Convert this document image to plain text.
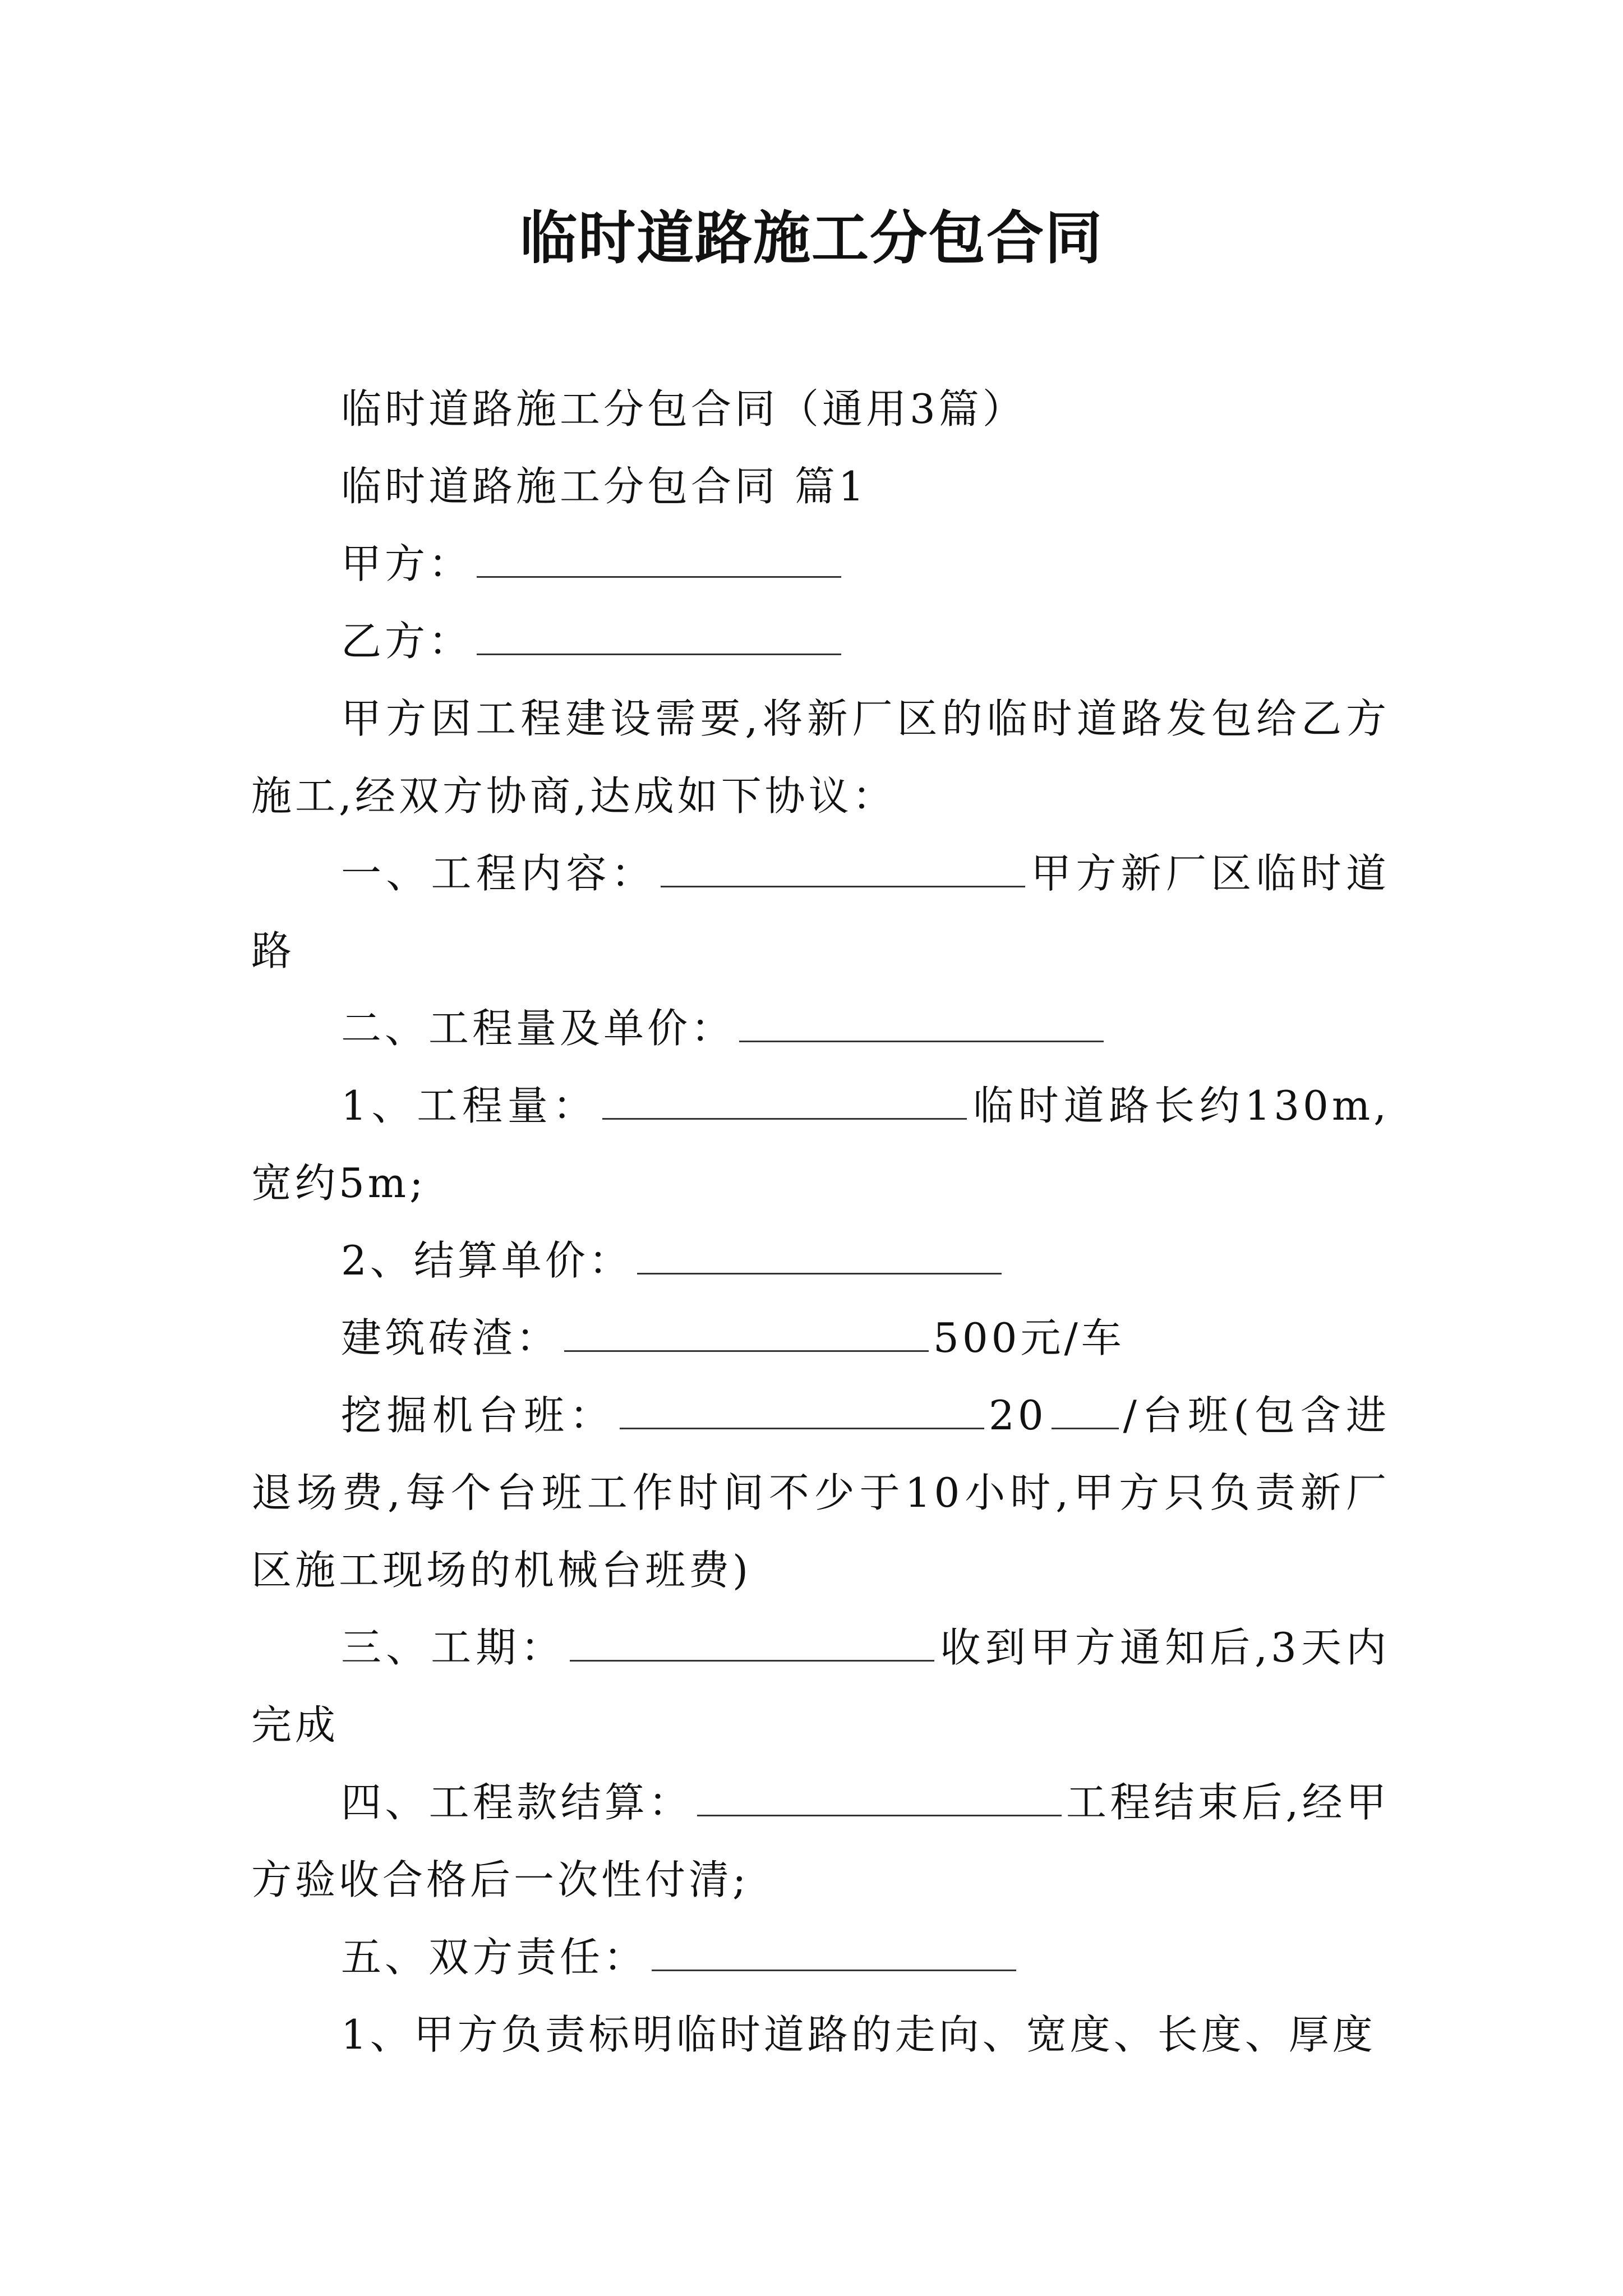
临时道路施工分包合同

临时道路施工分包合同（通用3篇）

临时道路施工分包合同 篇1

甲方：

乙方：

甲方因工程建设需要,将新厂区的临时道路发包给乙方施工,经双方协商,达成如下协议：

一、工程内容：	甲方新厂区临时道路

二、工程量及单价：

1、工程量：	临时道路长约130m,宽约5m;

2、结算单价：

建筑砖渣：	500元/车

挖掘机台班：	20 /台班(包含进退场费,每个台班工作时间不少于10小时,甲方只负责新厂区施工现场的机械台班费)

三、工期：	收到甲方通知后,3天内完成

四、工程款结算：	工程结束后,经甲方验收合格后一次性付清;

五、双方责任：

1、甲方负责标明临时道路的走向、宽度、长度、厚度
